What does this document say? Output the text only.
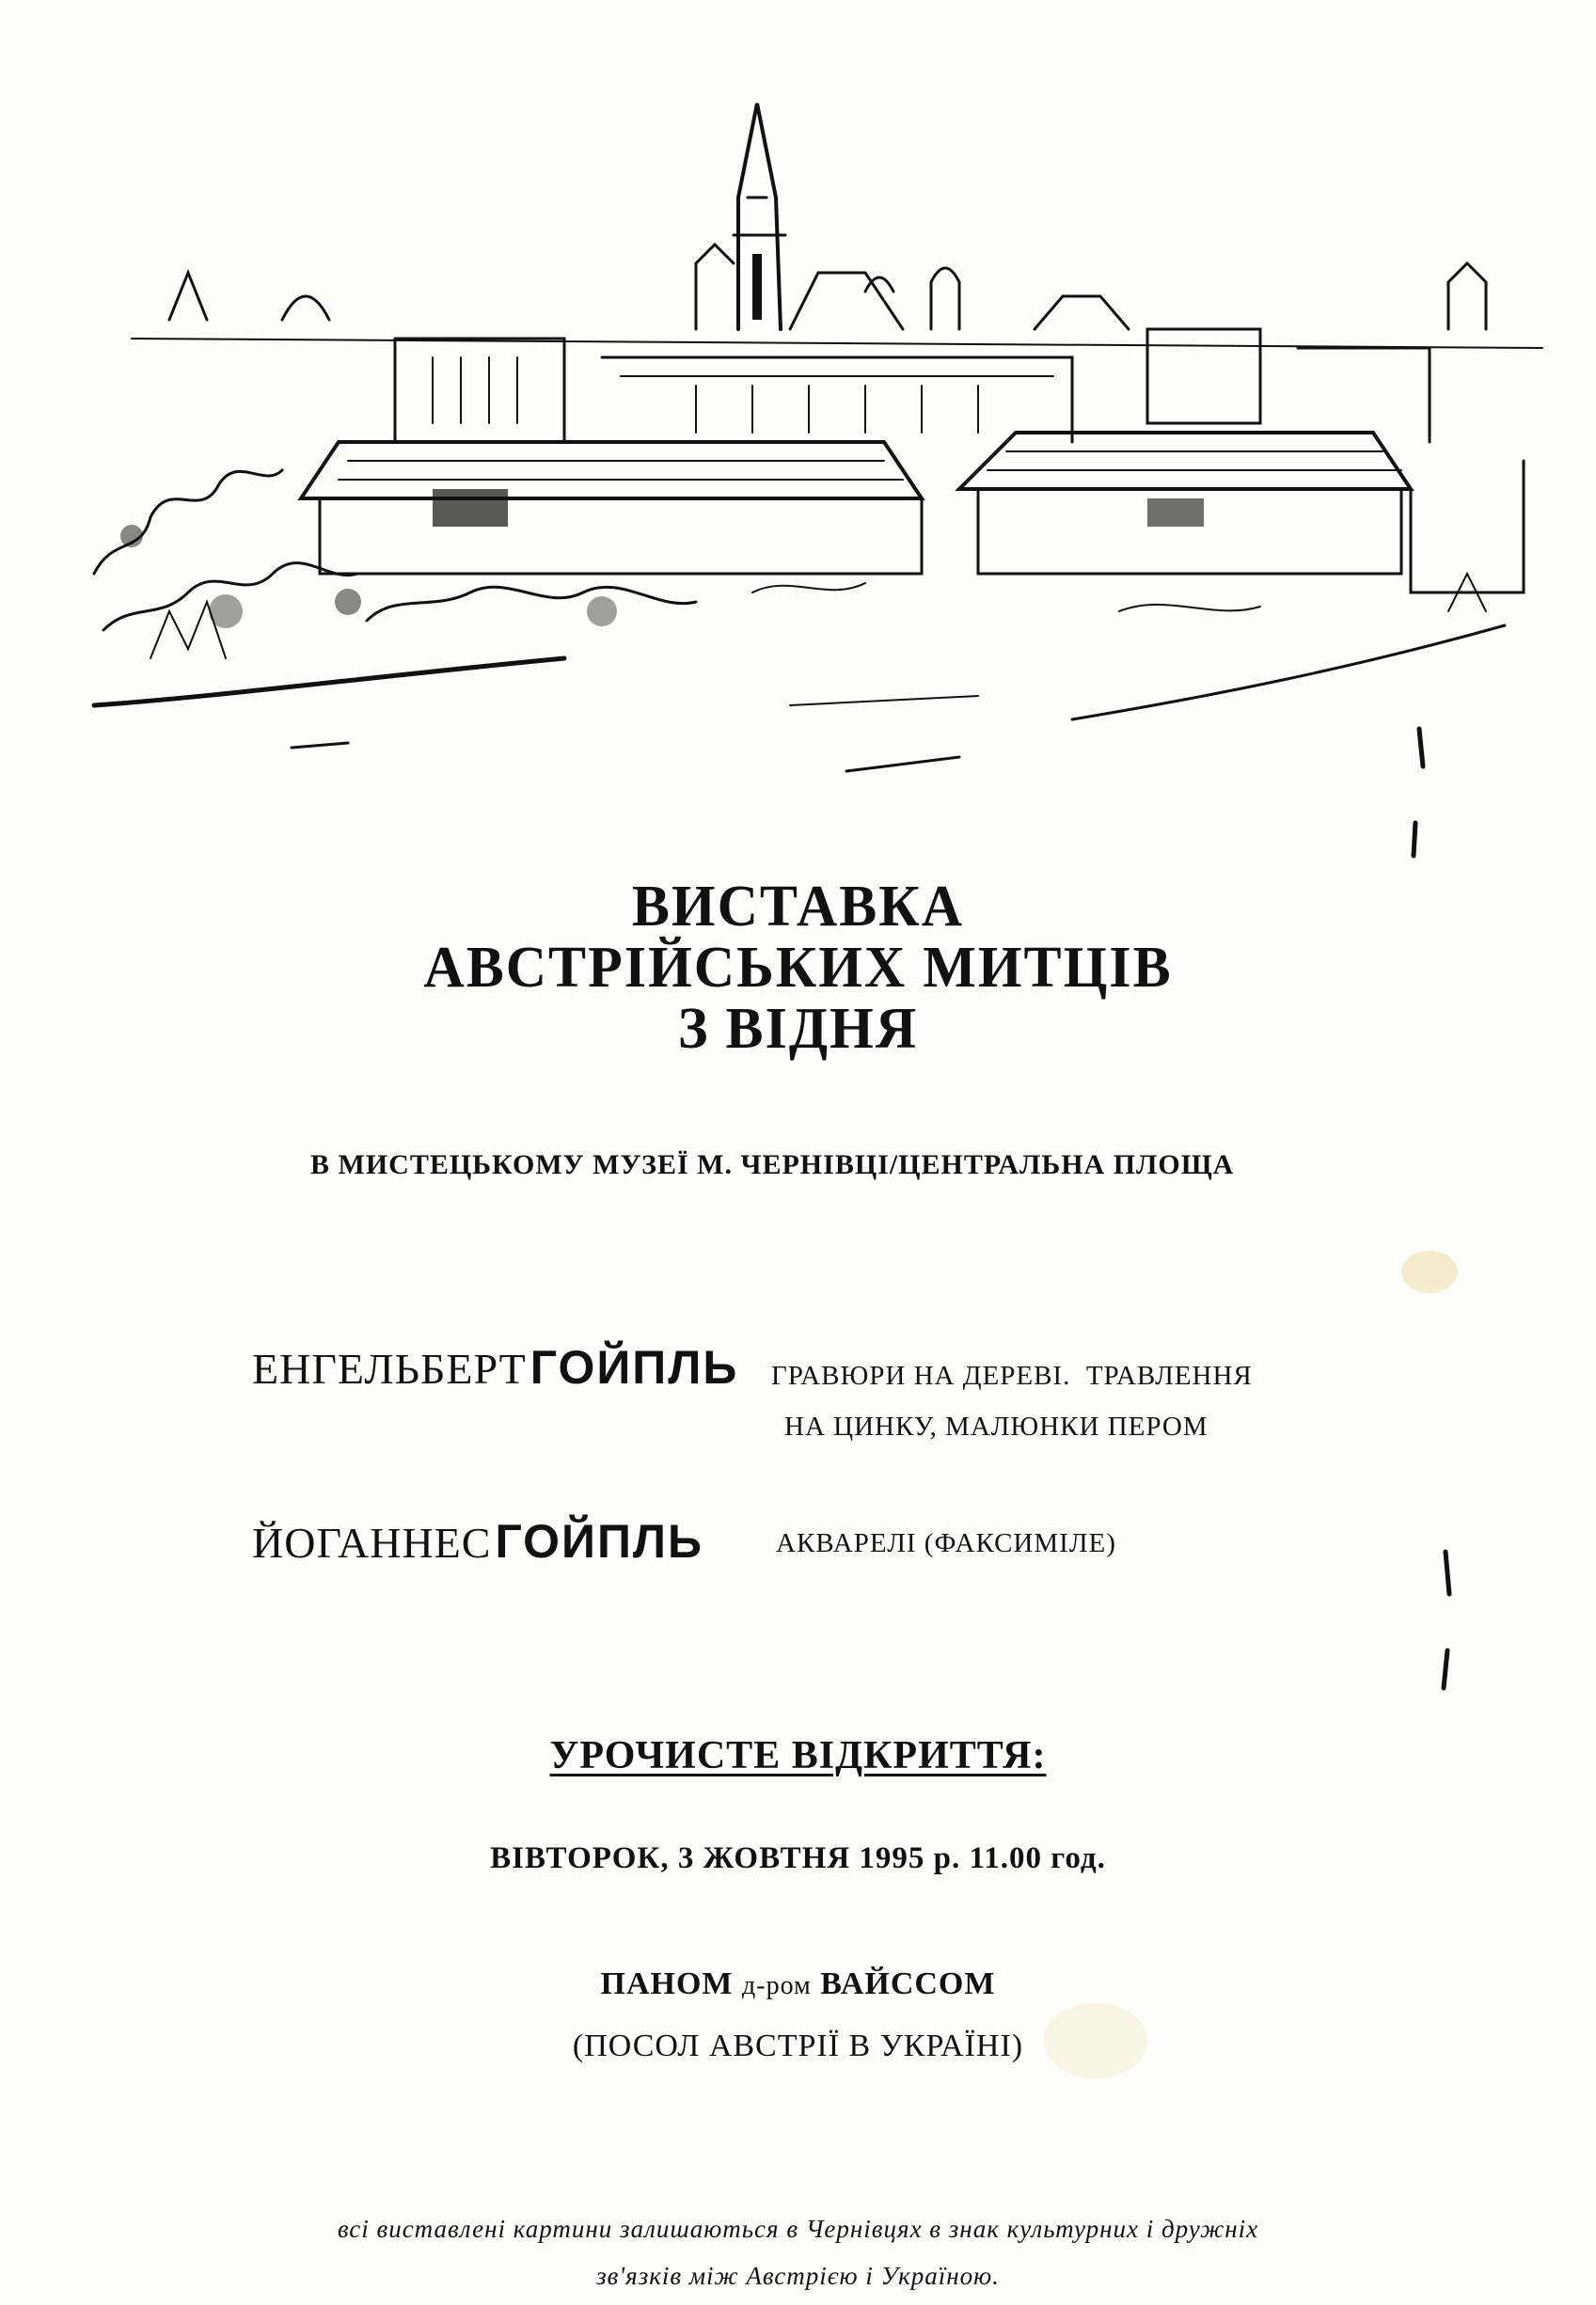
ВИСТАВКА
АВСТРІЙСЬКИХ МИТЦІВ
З ВІДНЯ
В МИСТЕЦЬКОМУ МУЗЕЇ М. ЧЕРНІВЦІ/ЦЕНТРАЛЬНА ПЛОЩА
ЕНГЕЛЬБЕРТ ГОЙПЛЬ ГРАВЮРИ НА ДЕРЕВІ.  ТРАВЛЕННЯ
НА ЦИНКУ, МАЛЮНКИ ПЕРОМ
ЙОГАННЕС ГОЙПЛЬ	АКВАРЕЛІ (ФАКСИМІЛЕ)
УРОЧИСТЕ ВІДКРИТТЯ:
ВІВТОРОК, 3 ЖОВТНЯ 1995 р. 11.00 год.
ПАНОМ д-ром ВАЙССОМ
(ПОСОЛ АВСТРІЇ В УКРАЇНІ)
всі виставлені картини залишаються в Чернівцях в знак культурних і дружніх
зв'язків між Австрією і Україною.
